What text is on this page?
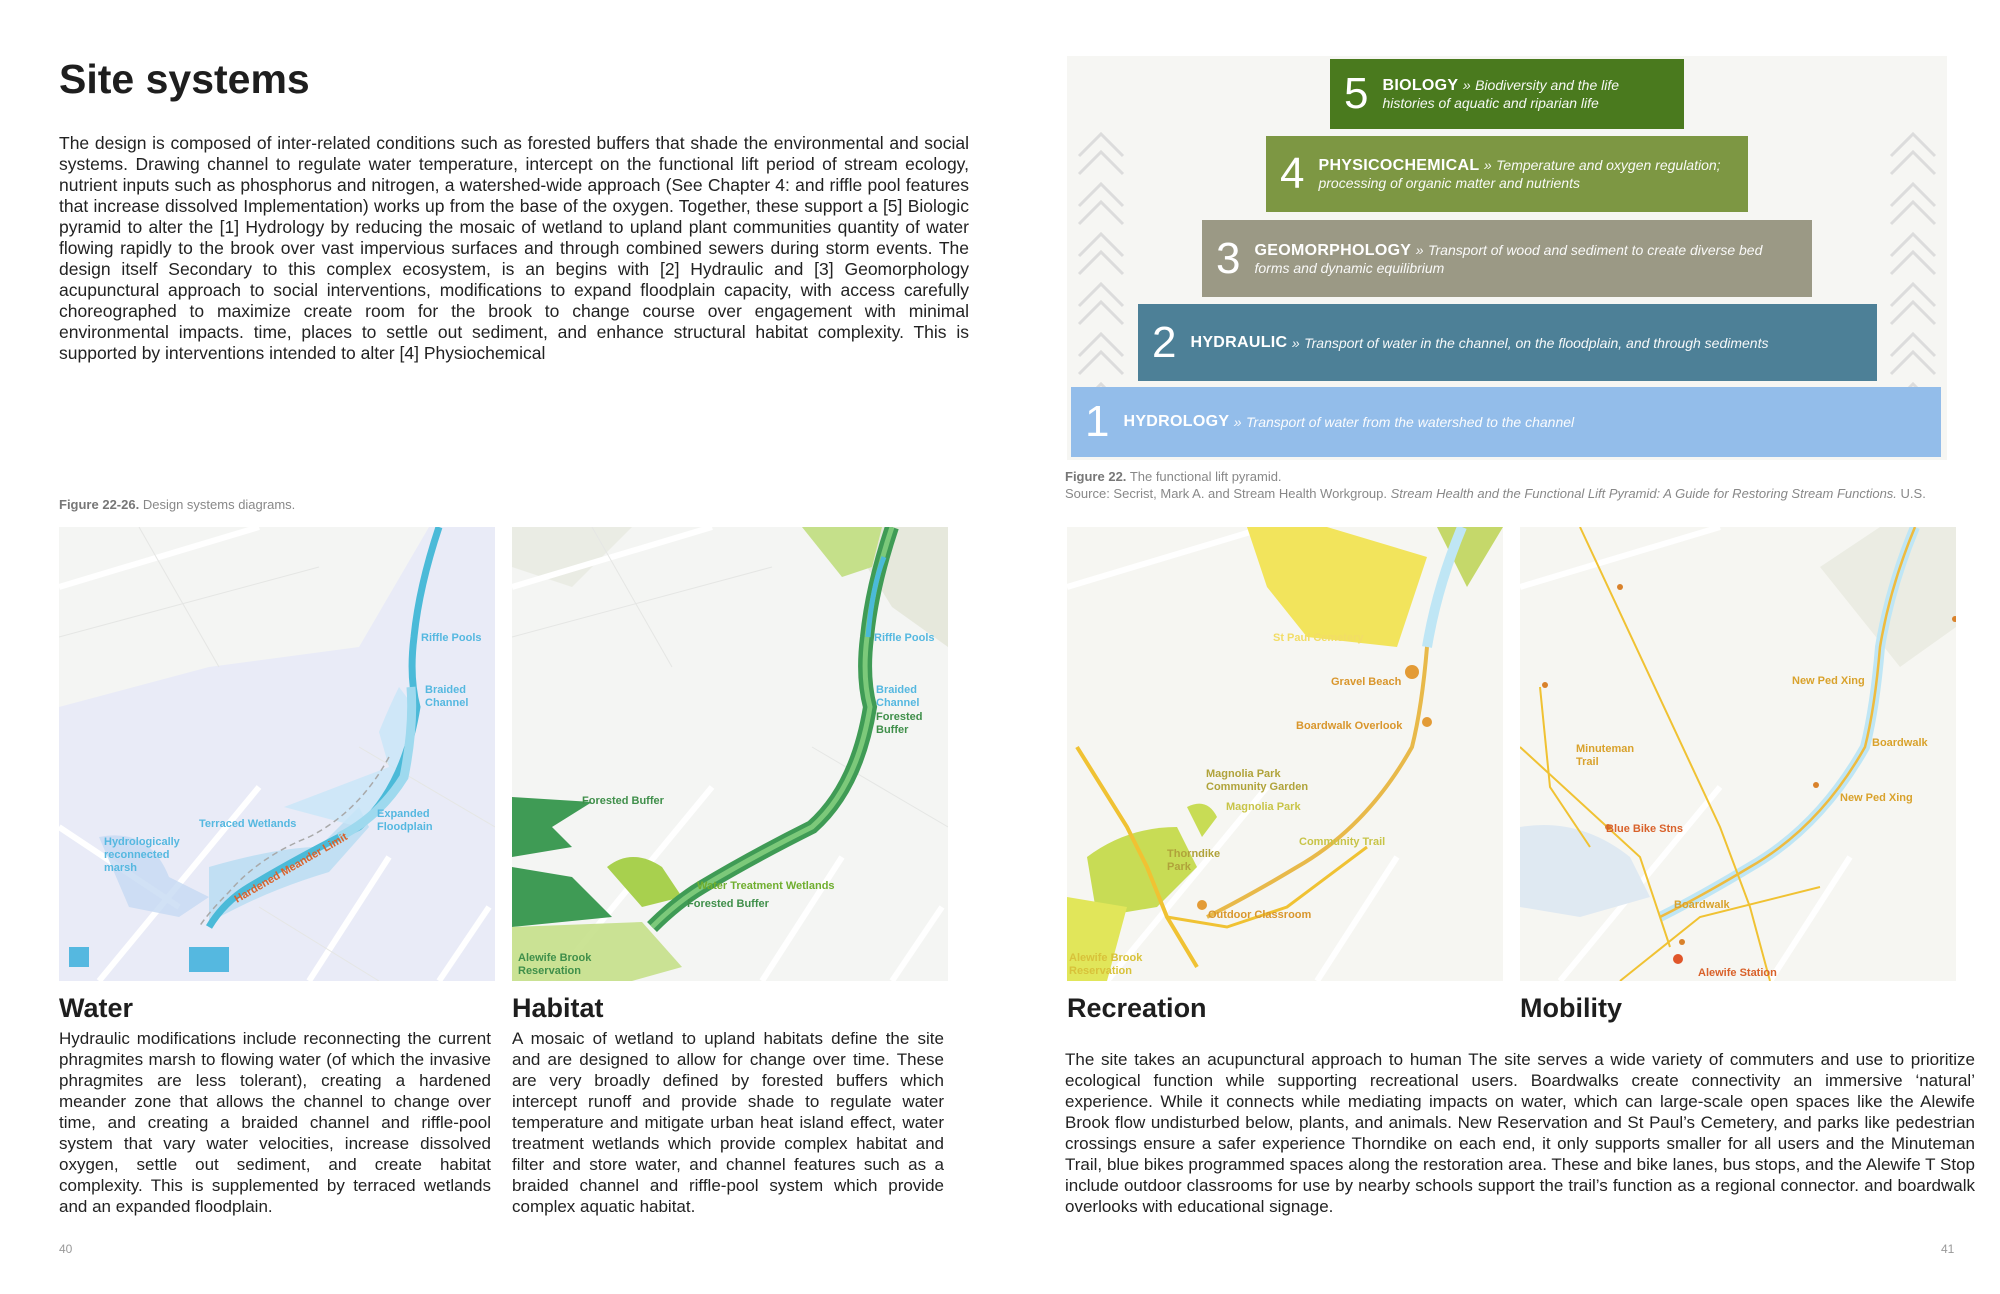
Site systems
The design is composed of inter-related conditions such as forested buffers that shade the environmental and social systems. Drawing channel to regulate water temperature, intercept on the functional lift period of stream ecology, nutrient inputs such as phosphorus and nitrogen, a watershed-wide approach (See Chapter 4: and riffle pool features that increase dissolved Implementation) works up from the base of the oxygen. Together, these support a [5] Biologic pyramid to alter the [1] Hydrology by reducing the mosaic of wetland to upland plant communities quantity of water flowing rapidly to the brook over vast impervious surfaces and through combined sewers during storm events. The design itself Secondary to this complex ecosystem, is an begins with [2] Hydraulic and [3] Geomorphology acupunctural approach to social interventions, modifications to expand floodplain capacity, with access carefully choreographed to maximize create room for the brook to change course over engagement with minimal environmental impacts. time, places to settle out sediment, and enhance structural habitat complexity. This is supported by interventions intended to alter [4] Physiochemical
Figure 22-26. Design systems diagrams.
5 BIOLOGY » Biodiversity and the life
histories of aquatic and riparian life
4 PHYSICOCHEMICAL » Temperature and oxygen regulation;
processing of organic matter and nutrients
3 GEOMORPHOLOGY » Transport of wood and sediment to create diverse bed
forms and dynamic equilibrium
2 HYDRAULIC
»
Transport of water in the channel, on the floodplain, and through sediments
1 HYDROLOGY
»
Transport of water from the watershed to the channel
Figure 22. The functional lift pyramid.
Source: Secrist, Mark A. and Stream Health Workgroup. Stream Health and the Functional Lift Pyramid: A Guide for Restoring Stream Functions. U.S.
Riffle Pools
Braided
Channel
Terraced Wetlands
Expanded
Floodplain
Hydrologically
reconnected
marsh	Hardened Meander Limit
Riffle Pools
Braided
Channel
Forested
Buffer
Forested Buffer
Water Treatment Wetlands
Forested Buffer
Alewife Brook
Reservation
St Paul Cemetery
Gravel Beach
Boardwalk Overlook
Magnolia Park
Community Garden
Magnolia Park
Community Trail
Thorndike
Park
Outdoor Classroom
Alewife Brook
Reservation
New Ped Xing
Boardwalk
Minuteman
Trail
New Ped Xing
Blue Bike Stns
Boardwalk
Alewife Station
Water
Hydraulic modifications include reconnecting the current phragmites marsh to flowing water (of which the invasive phragmites are less tolerant), creating a hardened meander zone that allows the channel to change over time, and creating a braided channel and riffle-pool system that vary water velocities, increase dissolved oxygen, settle out sediment, and create habitat complexity. This is supplemented by terraced wetlands and an expanded floodplain.
Habitat
A mosaic of wetland to upland habitats define the site and are designed to allow for change over time. These are very broadly defined by forested buffers which intercept runoff and provide shade to regulate water temperature and mitigate urban heat island effect, water treatment wetlands which provide complex habitat and filter and store water, and channel features such as a braided channel and riffle-pool system which provide complex aquatic habitat.
Recreation	Mobility
The site takes an acupunctural approach to human The site serves a wide variety of commuters and use to prioritize ecological function while supporting recreational users. Boardwalks create connectivity an immersive ‘natural’ experience. While it connects while mediating impacts on water, which can large-scale open spaces like the Alewife Brook flow undisturbed below, plants, and animals. New Reservation and St Paul’s Cemetery, and parks like pedestrian crossings ensure a safer experience Thorndike on each end, it only supports smaller for all users and the Minuteman Trail, blue bikes programmed spaces along the restoration area. These and bike lanes, bus stops, and the Alewife T Stop include outdoor classrooms for use by nearby schools support the trail’s function as a regional connector. and boardwalk overlooks with educational signage.
40	41
